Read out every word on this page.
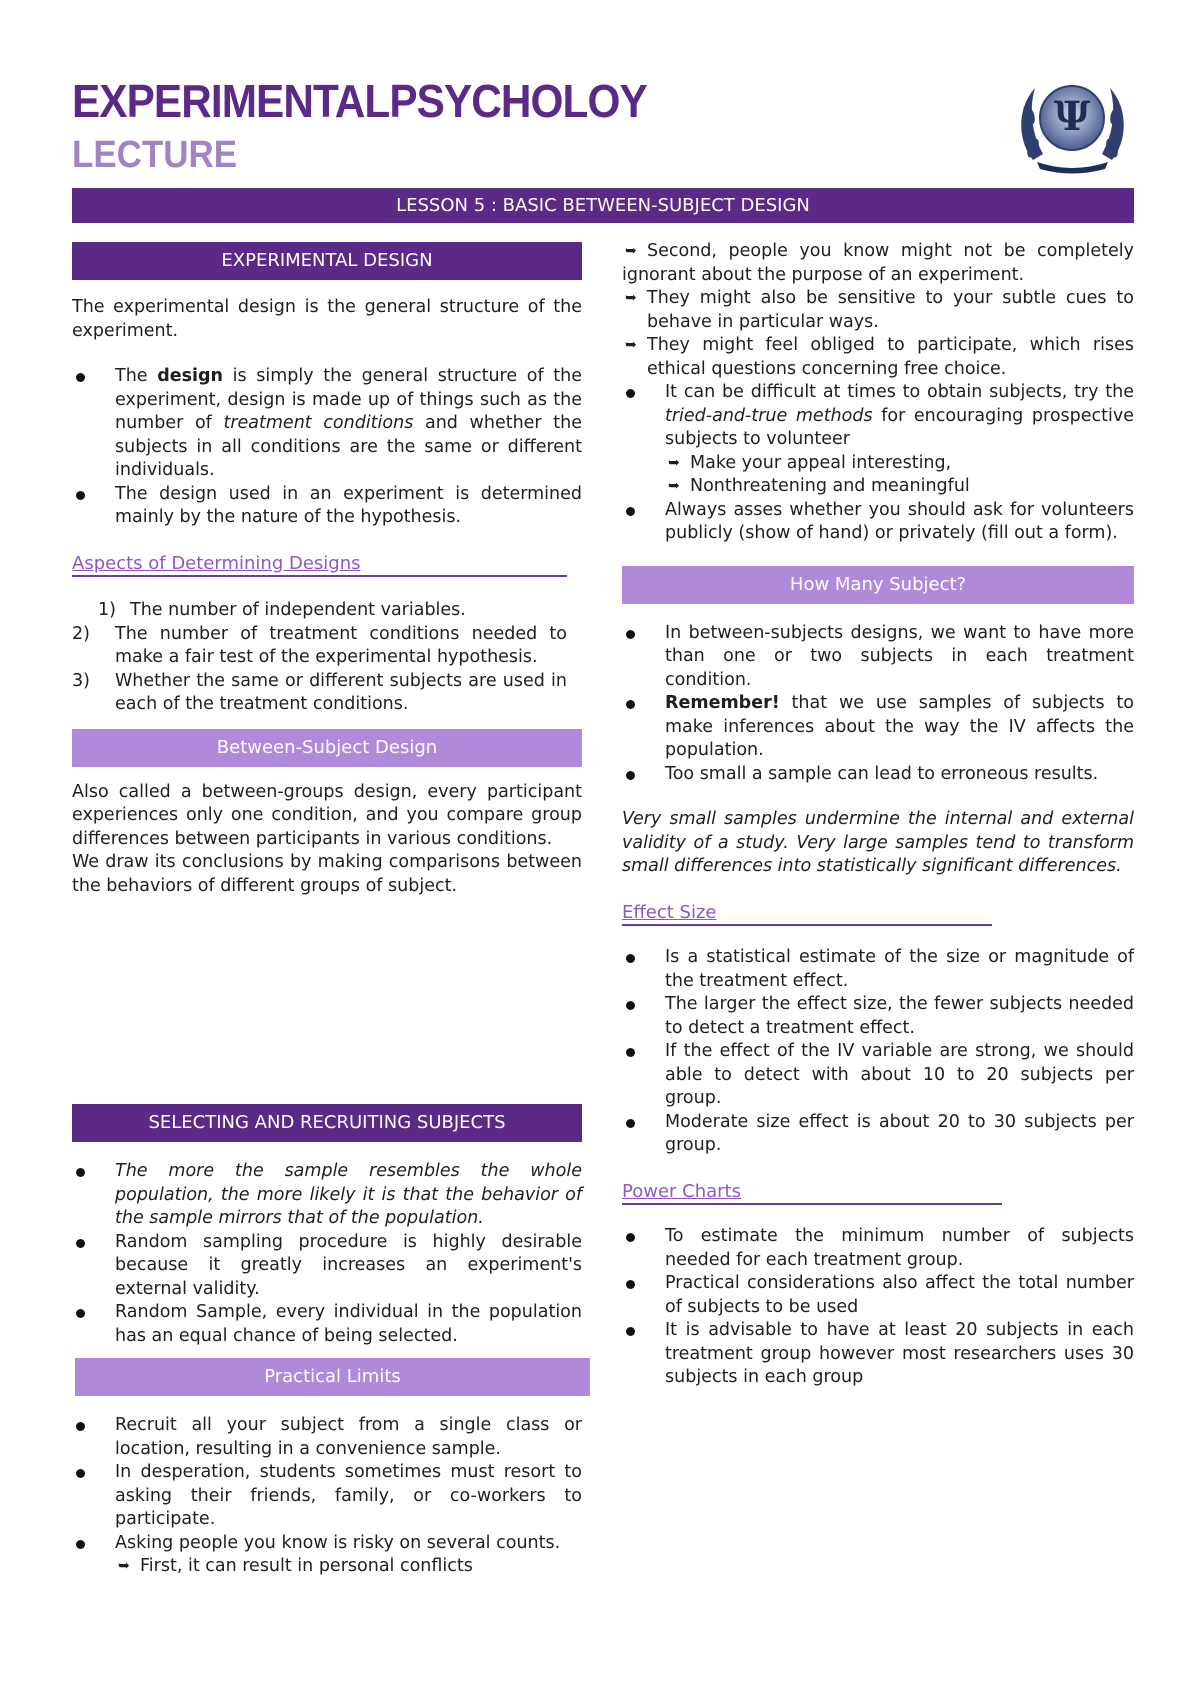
EXPERIMENTALPSYCHOLOY
LECTURE
Ψ
LESSON 5 : BASIC BETWEEN-SUBJECT DESIGN
EXPERIMENTAL DESIGN

The experimental design is the general structure of the experiment.

The design is simply the general structure of the experiment, design is made up of things such as the number of treatment conditions and whether the subjects in all conditions are the same or different individuals.
The design used in an experiment is determined mainly by the nature of the hypothesis.
Aspects of Determining Designs
1) The number of independent variables.
2) The number of treatment conditions needed to make a fair test of the experimental hypothesis.
3) Whether the same or different subjects are used in each of the treatment conditions.
Between-Subject Design

Also called a between-groups design, every participant experiences only one condition, and you compare group differences between participants in various conditions.

We draw its conclusions by making comparisons between the behaviors of different groups of subject.

SELECTING AND RECRUITING SUBJECTS
The more the sample resembles the whole population, the more likely it is that the behavior of the sample mirrors that of the population.
Random sampling procedure is highly desirable because it greatly increases an experiment's external validity.
Random Sample, every individual in the population has an equal chance of being selected.
Practical Limits
Recruit all your subject from a single class or location, resulting in a convenience sample.
In desperation, students sometimes must resort to asking their friends, family, or co-workers to participate.
Asking people you know is risky on several counts.
➥ First, it can result in personal conflicts
➥ Second, people you know might not be completely ignorant about the purpose of an experiment.
➥ They might also be sensitive to your subtle cues to behave in particular ways.
➥ They might feel obliged to participate, which rises ethical questions concerning free choice.
It can be difficult at times to obtain subjects, try the tried-and-true methods for encouraging prospective subjects to volunteer
➥ Make your appeal interesting,
➥ Nonthreatening and meaningful
Always asses whether you should ask for volunteers publicly (show of hand) or privately (fill out a form).
How Many Subject?
In between-subjects designs, we want to have more than one or two subjects in each treatment condition.
Remember! that we use samples of subjects to make inferences about the way the IV affects the population.
Too small a sample can lead to erroneous results.

Very small samples undermine the internal and external validity of a study. Very large samples tend to transform small differences into statistically significant differences.

Effect Size
Is a statistical estimate of the size or magnitude of the treatment effect.
The larger the effect size, the fewer subjects needed to detect a treatment effect.
If the effect of the IV variable are strong, we should able to detect with about 10 to 20 subjects per group.
Moderate size effect is about 20 to 30 subjects per group.
Power Charts
To estimate the minimum number of subjects needed for each treatment group.
Practical considerations also affect the total number of subjects to be used
It is advisable to have at least 20 subjects in each treatment group however most researchers uses 30 subjects in each group
